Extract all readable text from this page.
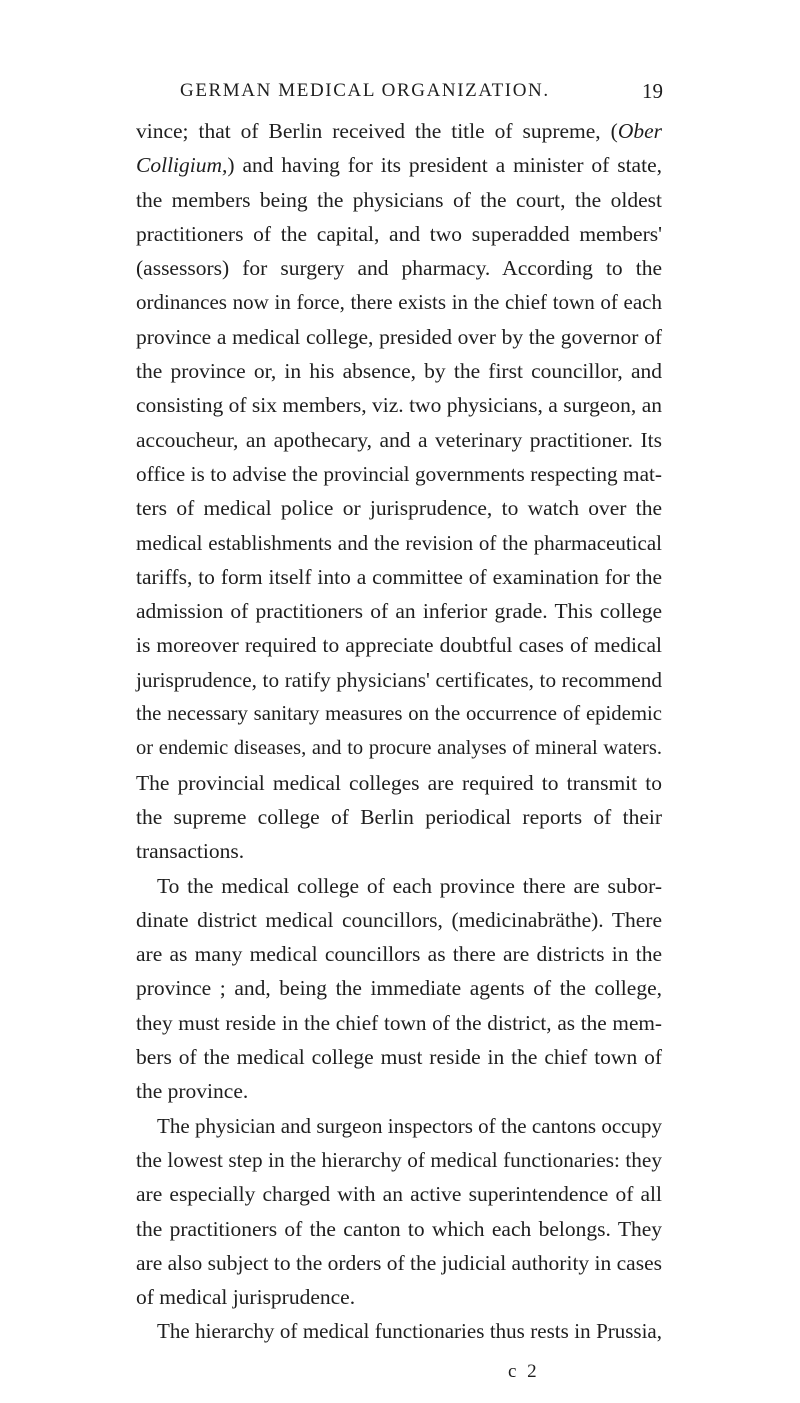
GERMAN MEDICAL ORGANIZATION.	19
vince; that of Berlin received the title of supreme, (Ober
Colligium,) and having for its president a minister of state,
the members being the physicians of the court, the oldest
practitioners of the capital, and two superadded members'
(assessors) for surgery and pharmacy. According to the
ordinances now in force, there exists in the chief town of each
province a medical college, presided over by the governor of
the province or, in his absence, by the first councillor, and
consisting of six members, viz. two physicians, a surgeon, an
accoucheur, an apothecary, and a veterinary practitioner. Its
office is to advise the provincial governments respecting mat-
ters of medical police or jurisprudence, to watch over the
medical establishments and the revision of the pharmaceutical
tariffs, to form itself into a committee of examination for the
admission of practitioners of an inferior grade. This college
is moreover required to appreciate doubtful cases of medical
jurisprudence, to ratify physicians' certificates, to recommend
the necessary sanitary measures on the occurrence of epidemic
or endemic diseases, and to procure analyses of mineral waters.
The provincial medical colleges are required to transmit to
the supreme college of Berlin periodical reports of their
transactions.
To the medical college of each province there are subor-
dinate district medical councillors, (medicinabräthe). There
are as many medical councillors as there are districts in the
province ; and, being the immediate agents of the college,
they must reside in the chief town of the district, as the mem-
bers of the medical college must reside in the chief town of
the province.
The physician and surgeon inspectors of the cantons occupy
the lowest step in the hierarchy of medical functionaries: they
are especially charged with an active superintendence of all
the practitioners of the canton to which each belongs. They
are also subject to the orders of the judicial authority in cases
of medical jurisprudence.
The hierarchy of medical functionaries thus rests in Prussia,
c 2
